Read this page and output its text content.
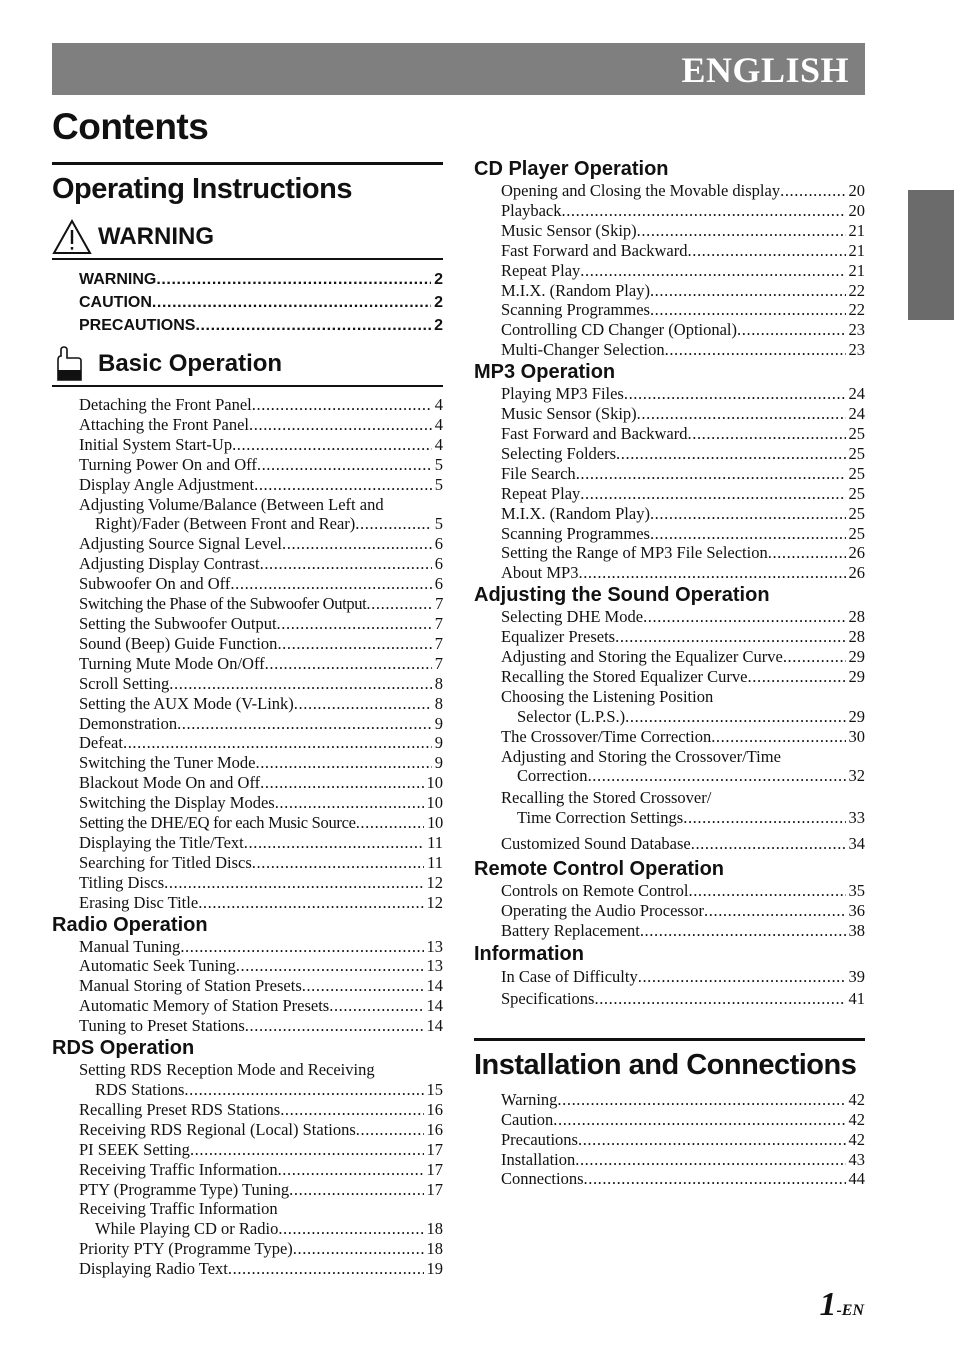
ENGLISH
Contents
Operating Instructions
WARNING
WARNING .....	2
CAUTION .....	2
PRECAUTIONS .....	2
Basic Operation
Detaching the Front Panel .....	4
Attaching the Front Panel .....	4
Initial System Start-Up .....	4
Turning Power On and Off .....	5
Display Angle Adjustment .....	5
Adjusting Volume/Balance (Between Left and
Right)/Fader (Between Front and Rear) .....	5
Adjusting Source Signal Level .....	6
Adjusting Display Contrast .....	6
Subwoofer On and Off .....	6
Switching the Phase of the Subwoofer Output .....	7
Setting the Subwoofer Output .....	7
Sound (Beep) Guide Function .....	7
Turning Mute Mode On/Off .....	7
Scroll Setting .....	8
Setting the AUX Mode (V-Link) .....	8
Demonstration .....	9
Defeat .....	9
Switching the Tuner Mode .....	9
Blackout Mode On and Off .....	10
Switching the Display Modes .....	10
Setting the DHE/EQ for each Music Source .....	10
Displaying the Title/Text .....	11
Searching for Titled Discs .....	11
Titling Discs .....	12
Erasing Disc Title .....	12
Radio Operation
Manual Tuning .....	13
Automatic Seek Tuning .....	13
Manual Storing of Station Presets .....	14
Automatic Memory of Station Presets .....	14
Tuning to Preset Stations .....	14
RDS Operation
Setting RDS Reception Mode and Receiving
RDS Stations .....	15
Recalling Preset RDS Stations .....	16
Receiving RDS Regional (Local) Stations .....	16
PI SEEK Setting .....	17
Receiving Traffic Information .....	17
PTY (Programme Type) Tuning .....	17
Receiving Traffic Information
While Playing CD or Radio .....	18
Priority PTY (Programme Type) .....	18
Displaying Radio Text .....	19
CD Player Operation
Opening and Closing the Movable display .....	20
Playback .....	20
Music Sensor (Skip) .....	21
Fast Forward and Backward .....	21
Repeat Play .....	21
M.I.X. (Random Play) .....	22
Scanning Programmes .....	22
Controlling CD Changer (Optional) .....	23
Multi-Changer Selection .....	23
MP3 Operation
Playing MP3 Files .....	24
Music Sensor (Skip) .....	24
Fast Forward and Backward .....	25
Selecting Folders .....	25
File Search .....	25
Repeat Play .....	25
M.I.X. (Random Play) .....	25
Scanning Programmes .....	25
Setting the Range of MP3 File Selection .....	26
About MP3 .....	26
Adjusting the Sound Operation
Selecting DHE Mode .....	28
Equalizer Presets .....	28
Adjusting and Storing the Equalizer Curve .....	29
Recalling the Stored Equalizer Curve .....	29
Choosing the Listening Position
Selector (L.P.S.) .....	29
The Crossover/Time Correction .....	30
Adjusting and Storing the Crossover/Time
Correction .....	32
Recalling the Stored Crossover/
Time Correction Settings .....	33
Customized Sound Database .....	34
Remote Control Operation
Controls on Remote Control .....	35
Operating the Audio Processor .....	36
Battery Replacement .....	38
Information
In Case of Difficulty .....	39
Specifications .....	41
Installation and Connections
Warning .....	42
Caution .....	42
Precautions .....	42
Installation .....	43
Connections .....	44
1-EN
